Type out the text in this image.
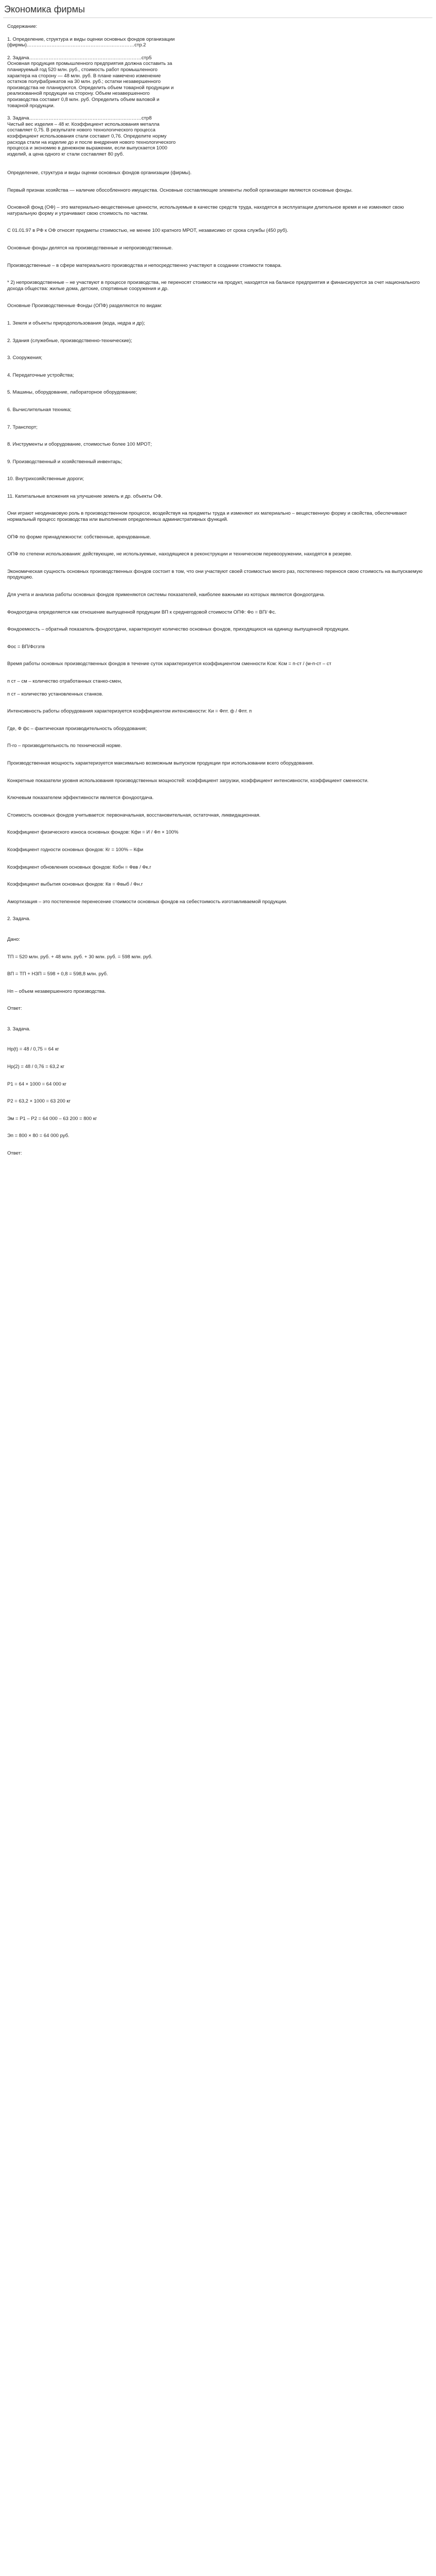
Экономика фирмы

Содержание:

1. Определение, структура и виды оценки основных фондов организации (фирмы)…………………………………………………………стр.2

2. Задача……………………………………………………………стр5

Основная продукция промышленного предприятия должна составить за планируемый год 520 млн. руб., стоимость работ промышленного характера на сторону — 48 млн. руб. В плане намечено изменение остатков полуфабрикатов на 30 млн. руб.; остатки незавершенного производства не планируются. Определить объем товарной продукции и реализованной продукции на сторону. Объем незавершенного производства составит 0,8 млн. руб. Определить объем валовой и товарной продукции.

3. Задача……………………………………………………………стр8

Чистый вес изделия – 48 кг. Коэффициент использования металла составляет 0,75. В результате нового технологического процесса коэффициент использования стали составит 0,76. Определите норму расхода стали на изделие до и после внедрения нового технологического процесса и экономию в денежном выражении, если выпускается 1000 изделий, а цена одного кг стали составляет 80 руб.

Определение, структура и виды оценки основных фондов организации (фирмы).

Первый признак хозяйства — наличие обособленного имущества. Основные составляющие элементы любой организации являются основные фонды.

Основной фонд (ОФ) – это материально-вещественные ценности, используемые в качестве средств труда, находятся в эксплуатации длительное время и не изменяют свою натуральную форму и утрачивают свою стоимость по частям.

С 01.01.97 в РФ к ОФ относят предметы стоимостью, не менее 100 кратного МРОТ, независимо от срока службы (450 руб).

Основные фонды делятся на производственные и непроизводственные.

Производственные – в сфере материального производства и непосредственно участвуют в создании стоимости товара.

* 2) непроизводственные – не участвуют в процессе производства, не переносят стоимости на продукт, находятся на балансе предприятия и финансируются за счет национального дохода общества: жилые дома, детские, спортивные сооружения и др.

Основные Производственные Фонды (ОПФ) разделяются по видам:

1. Земля и объекты природопользования (вода, недра и др);

2. Здания (служебные, производственно-технические);

3. Сооружения;

4. Передаточные устройства;

5. Машины, оборудование, лабораторное оборудование;

6. Вычислительная техника;

7. Транспорт;

8. Инструменты и оборудование, стоимостью более 100 МРОТ;

9. Производственный и хозяйственный инвентарь;

10. Внутрихозяйственные дороги;

11. Капитальные вложения на улучшение земель и др. объекты ОФ.

Они играют неодинаковую роль в производственном процессе, воздействуя на предметы труда и изменяют их материально – вещественную форму и свойства, обеспечивают нормальный процесс производства или выполнения определенных административных функций.

ОПФ по форме принадлежности: собственные, арендованные.

ОПФ по степени использования: действующие, не используемые, находящиеся в реконструкции и техническом перевооружении, находятся в резерве.

Экономическая сущность основных производственных фондов состоит в том, что они участвуют своей стоимостью много раз, постепенно перенося свою стоимость на выпускаемую продукцию.

Для учета и анализа работы основных фондов применяются системы показателей, наиболее важными из которых являются фондоотдача.

Фондоотдача определяется как отношение выпущенной продукции ВП к среднегодовой стоимости ОПФ: Фо = ВП/ Фс.

Фондоемкость – обратный показатель фондоотдачи, характеризует количество основных фондов, приходящихся на единицу выпущенной продукции.

Фос = ВП/Фсгзтв

Время работы основных производственных фондов в течение суток характеризуется коэффициентом сменности Ксм: Ксм = п-ст / (м-п-ст – ст

п ст – см – количество отработанных станко-смен,

п ст – количество установленных станков.

Интенсивность работы оборудования характеризуется коэффициентом интенсивности: Ки = Фпт. ф / Фпт. п

Где, Ф фс – фактическая производительность оборудования;

П-го – производительность по технической норме.

Производственная мощность характеризуется максимально возможным выпуском продукции при использовании всего оборудования.

Конкретные показатели уровня использования производственных мощностей: коэффициент загрузки, коэффициент интенсивности, коэффициент сменности.

Ключевым показателем эффективности является фондоотдача.

Стоимость основных фондов учитывается: первоначальная, восстановительная, остаточная, ликвидационная.

Коэффициент физического износа основных фондов: Кфи = И / Фп × 100%

Коэффициент годности основных фондов: Кг = 100% – Кфи

Коэффициент обновления основных фондов: Кобн = Фвв / Фк.г

Коэффициент выбытия основных фондов: Кв = Фвыб / Фн.г

Амортизация – это постепенное перенесение стоимости основных фондов на себестоимость изготавливаемой продукции.

2. Задача.

Дано:

ТП = 520 млн. руб. + 48 млн. руб. + 30 млн. руб. = 598 млн. руб.

ВП = ТП + НЗП = 598 + 0,8 = 598,8 млн. руб.

Нп – объем незавершенного производства.

Ответ:

3. Задача.

Нр(t) = 48 / 0,75 = 64 кг

Нр(2) = 48 / 0,76 = 63,2 кг

Р1 = 64 × 1000 = 64 000 кг

Р2 = 63,2 × 1000 = 63 200 кг

Эм = Р1 – Р2 = 64 000 – 63 200 = 800 кг

Эп = 800 × 80 = 64 000 руб.

Ответ:
